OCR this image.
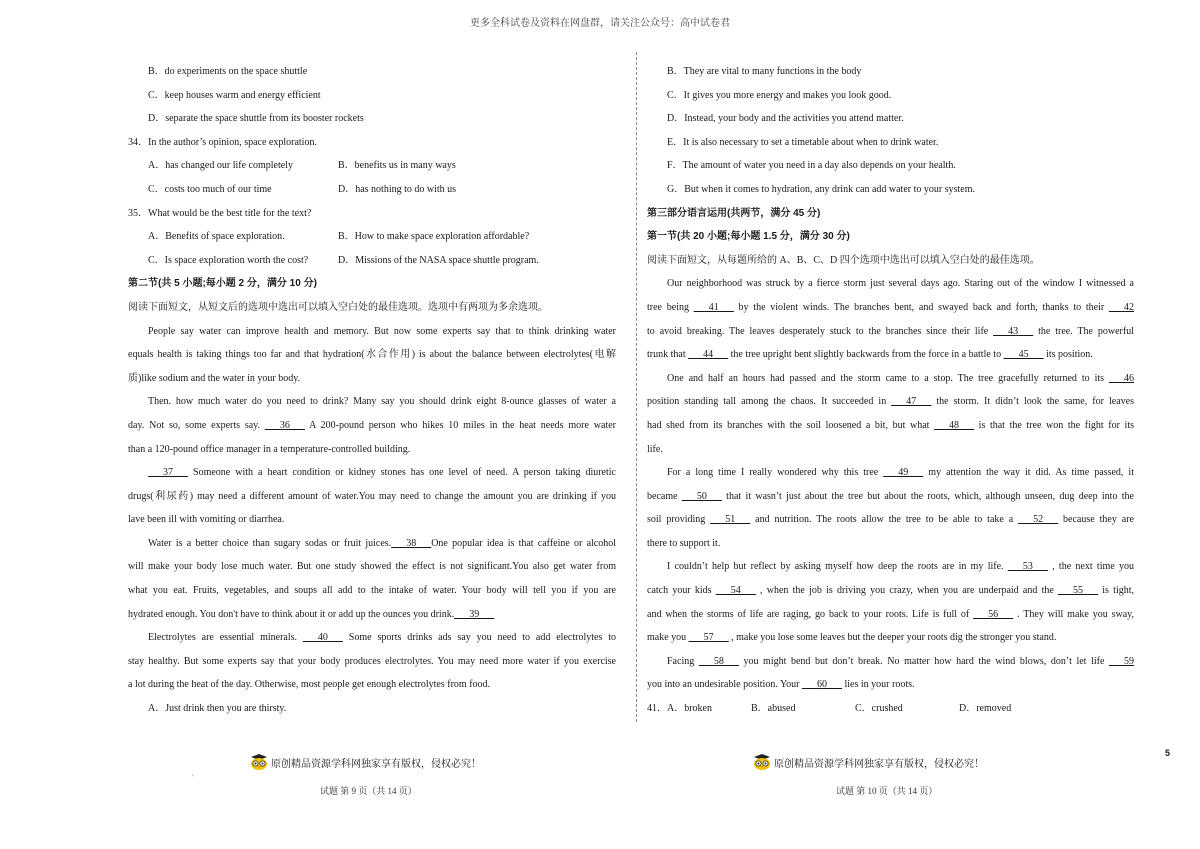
更多全科试卷及资料在网盘群，请关注公众号：高中试卷君
B．do experiments on the space shuttle
C．keep houses warm and energy efficient
D．separate the space shuttle from its booster rockets
34．In the author’s opinion, space exploration.
A．has changed our life completely	B．benefits us in many ways
C．costs too much of our time	D．has nothing to do with us
35．What would be the best title for the text?
A．Benefits of space exploration.	B．How to make space exploration affordable?
C．Is space exploration worth the cost?	D．Missions of the NASA space shuttle program.
第二节(共 5 小题;每小题 2 分，满分 10 分)
阅读下面短文，从短文后的选项中选出可以填入空白处的最佳选项。选项中有两项为多余选项。
People say water can improve health and memory. But now some experts say that to think drinking water
equals health is taking things too far and that hydration(水合作用) is about the balance between electrolytes(电解
质)like sodium and the water in your body.
Then. how much water do you need to drink? Many say you should drink eight 8-ounce glasses of water a
day. Not so, some experts say. ___36___ A 200-pound person who hikes 10 miles in the heat needs more water
than a 120-pound office manager in a temperature-controlled building.
___37___ Someone with a heart condition or kidney stones has one level of need. A person taking diuretic
drugs(利尿药) may need a different amount of water.You may need to change the amount you are drinking if you
lave been ill with vomiting or diarrhea.
Water is a better choice than sugary sodas or fruit juices.___38___One popular idea is that caffeine or alcohol
will make your body lose much water. But one study showed the effect is not significant.You also get water from
what you eat. Fruits, vegetables, and soups all add to the intake of water. Your body will tell you if you are
hydrated enough. You don't have to think about it or add up the ounces you drink.___39___
Electrolytes are essential minerals. ___40___ Some sports drinks ads say you need to add electrolytes to
stay healthy. But some experts say that your body produces electrolytes. You may need more water if you exercise
a lot during the heat of the day. Otherwise, most people get enough electrolytes from food.
A．Just drink then you are thirsty.
B．They are vital to many functions in the body
C．It gives you more energy and makes you look good.
D．Instead, your body and the activities you attend matter.
E．It is also necessary to set a timetable about when to drink water.
F．The amount of water you need in a day also depends on your health.
G．But when it comes to hydration, any drink can add water to your system.
第三部分语言运用(共两节，满分 45 分)
第一节(共 20 小题;每小题 1.5 分，满分 30 分)
阅读下面短文，从每题所给的 A、B、C、D 四个选项中选出可以填入空白处的最佳选项。
Our neighborhood was struck by a fierce storm just several days ago. Staring out of the window I witnessed a
tree being ___41___ by the violent winds. The branches bent, and swayed back and forth, thanks to their ___42
to avoid breaking. The leaves desperately stuck to the branches since their life ___43___ the tree. The powerful
trunk that ___44___ the tree upright bent slightly backwards from the force in a battle to ___45___ its position.
One and half an hours had passed and the storm came to a stop. The tree gracefully returned to its ___46
position standing tall among the chaos. It succeeded in ___47___ the storm. It didn’t look the same, for leaves
had shed from its branches with the soil loosened a bit, but what ___48___ is that the tree won the fight for its
life.
For a long time I really wondered why this tree ___49___ my attention the way it did. As time passed, it
became ___50___ that it wasn’t just about the tree but about the roots, which, although unseen, dug deep into the
soil providing ___51___ and nutrition. The roots allow the tree to be able to take a ___52___ because they are
there to support it.
I couldn’t help but reflect by asking myself how deep the roots are in my life. ___53___ , the next time you
catch your kids ___54___ , when the job is driving you crazy, when you are underpaid and the ___55___ is tight,
and when the storms of life are raging, go back to your roots. Life is full of ___56___ . They will make you sway,
make you ___57___ , make you lose some leaves but the deeper your roots dig the stronger you stand.
Facing ___58___ you might bend but don’t break. No matter how hard the wind blows, don’t let life ___59
you into an undesirable position. Your ___60___ lies in your roots.
41．A．broken	B．abused	C．crushed	D．removed
原创精品资源学科网独家享有版权，侵权必究！	原创精品资源学科网独家享有版权，侵权必究！
'
5
试题 第 9 页（共 14 页）	试题 第 10 页（共 14 页）
